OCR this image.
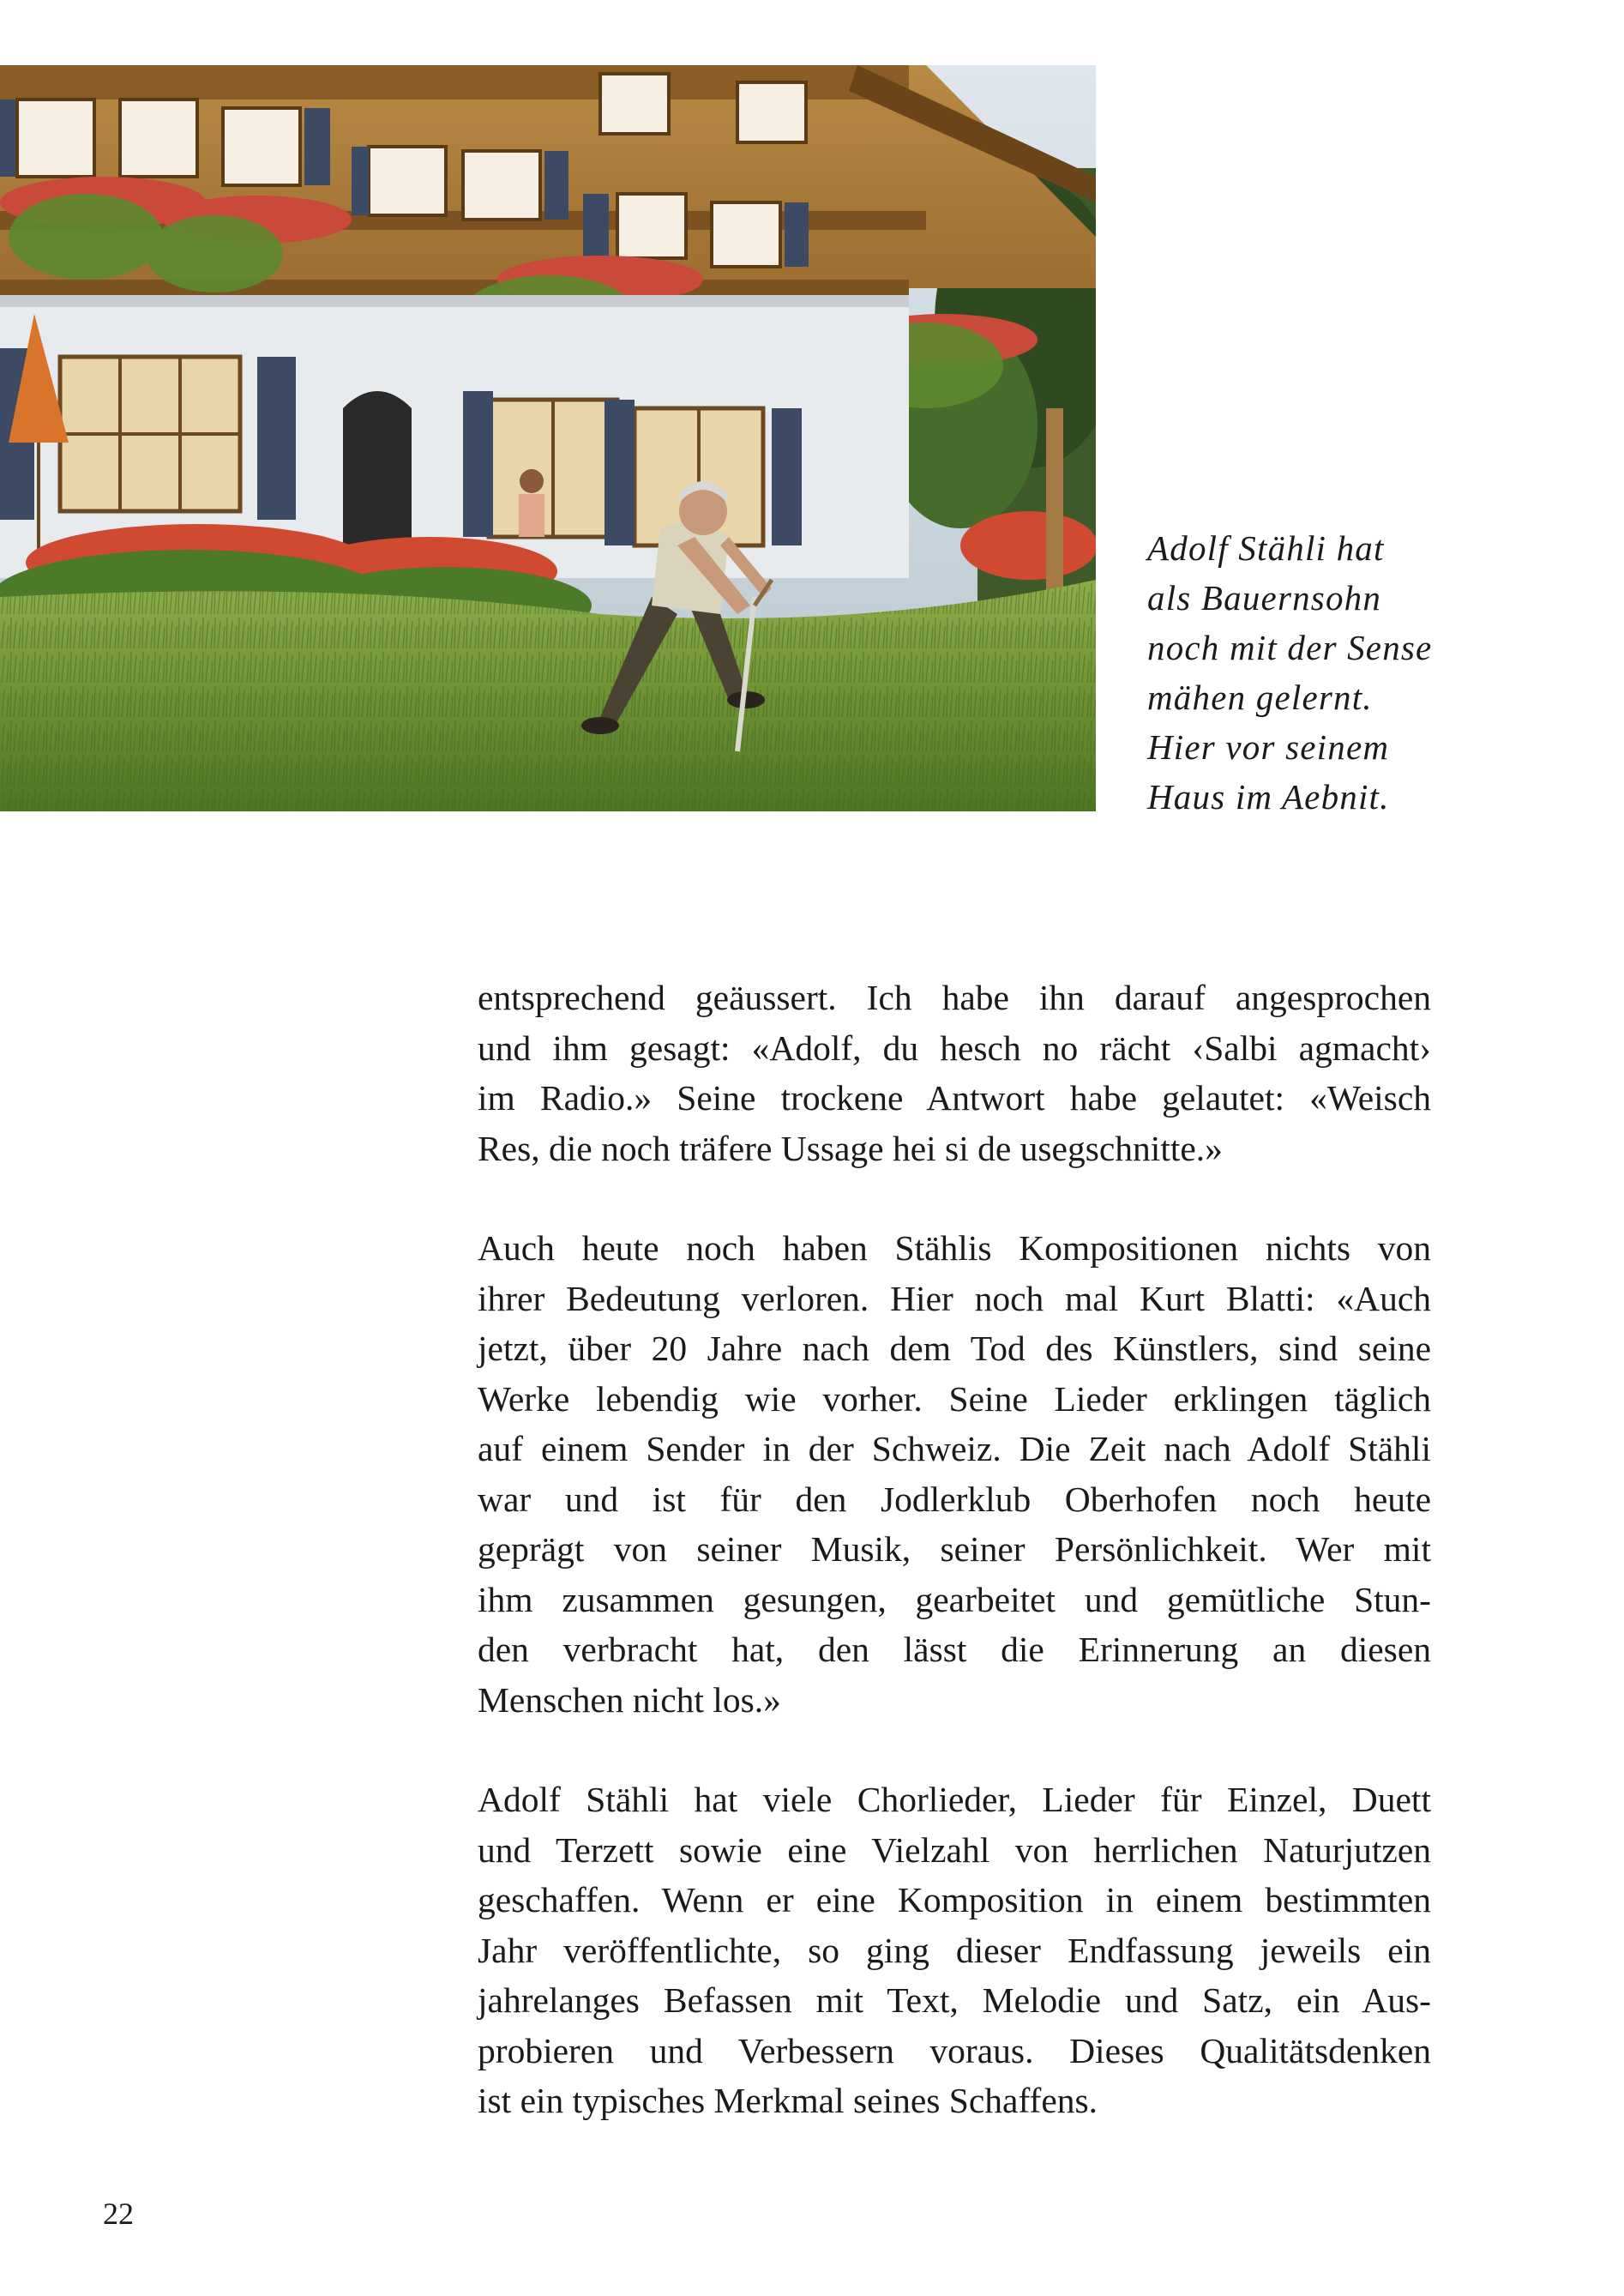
Adolf Stähli hat
als Bauernsohn
noch mit der Sense
mähen gelernt.
Hier vor seinem
Haus im Aebnit.
entsprechend geäussert. Ich habe ihn darauf angesprochen
und ihm gesagt: «Adolf, du hesch no rächt ‹Salbi agmacht›
im Radio.» Seine trockene Antwort habe gelautet: «Weisch
Res, die noch träfere Ussage hei si de usegschnitte.»
Auch heute noch haben Stählis Kompositionen nichts von
ihrer Bedeutung verloren. Hier noch mal Kurt Blatti: «Auch
jetzt, über 20 Jahre nach dem Tod des Künstlers, sind seine
Werke lebendig wie vorher. Seine Lieder erklingen täglich
auf einem Sender in der Schweiz. Die Zeit nach Adolf Stähli
war und ist für den Jodlerklub Oberhofen noch heute
geprägt von seiner Musik, seiner Persönlichkeit. Wer mit
ihm zusammen gesungen, gearbeitet und gemütliche Stun-
den verbracht hat, den lässt die Erinnerung an diesen
Menschen nicht los.»
Adolf Stähli hat viele Chorlieder, Lieder für Einzel, Duett
und Terzett sowie eine Vielzahl von herrlichen Naturjutzen
geschaffen. Wenn er eine Komposition in einem bestimmten
Jahr veröffentlichte, so ging dieser Endfassung jeweils ein
jahrelanges Befassen mit Text, Melodie und Satz, ein Aus-
probieren und Verbessern voraus. Dieses Qualitätsdenken
ist ein typisches Merkmal seines Schaffens.
22
